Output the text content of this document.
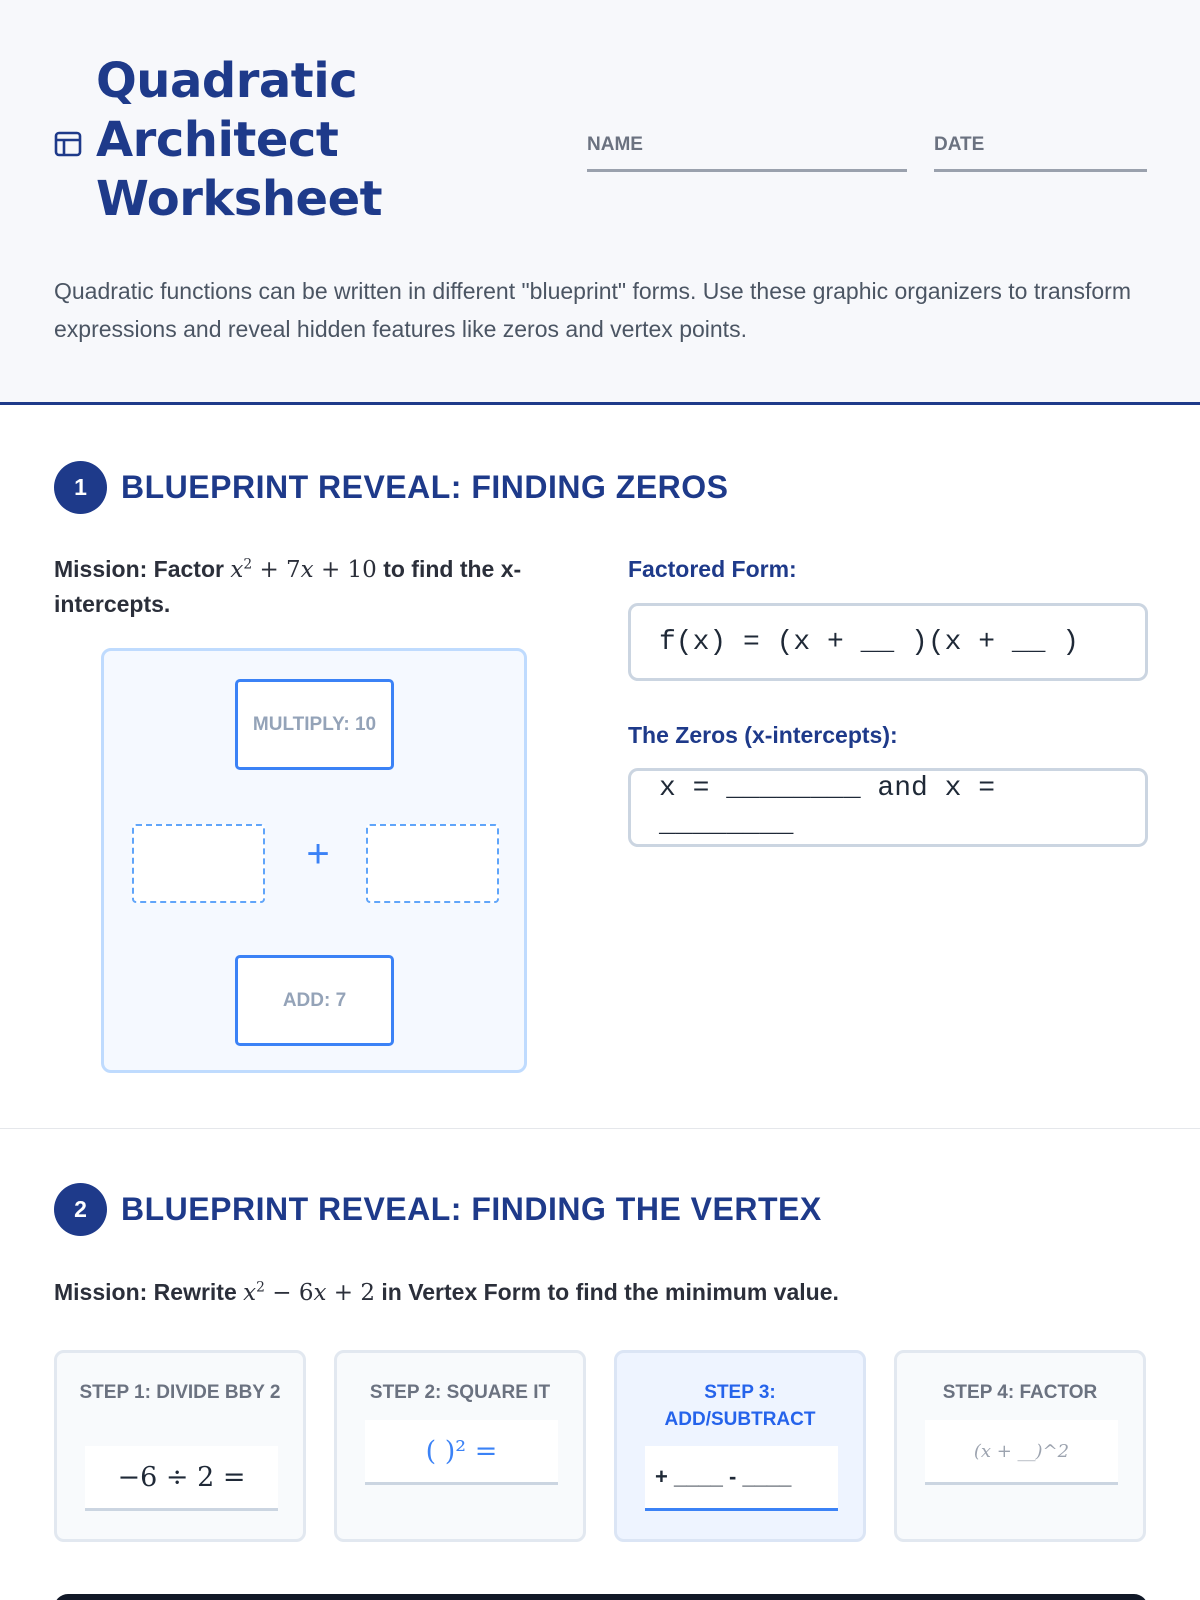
Quadratic Architect Worksheet
NAME	DATE

Quadratic functions can be written in different "blueprint" forms. Use these graphic organizers to transform expressions and reveal hidden features like zeros and vertex points.

1	BLUEPRINT REVEAL: FINDING ZEROS

Mission: Factor $x^2 + 7x + 10$ to find the x-intercepts.

MULTIPLY: 10
+
ADD: 7
Factored Form:
f(x) = (x + __ )(x + __ )
The Zeros (x-intercepts):
x = ________ and x = ________
2	BLUEPRINT REVEAL: FINDING THE VERTEX

Mission: Rewrite $x^2 - 6x + 2$ in Vertex Form to find the minimum value.

STEP 1: DIVIDE BBY 2
−6 ÷ 2 =
STEP 2: SQUARE IT
( )² =
STEP 3: ADD/SUBTRACT
+ ____ - ____
STEP 4: FACTOR
(x + __)^2
